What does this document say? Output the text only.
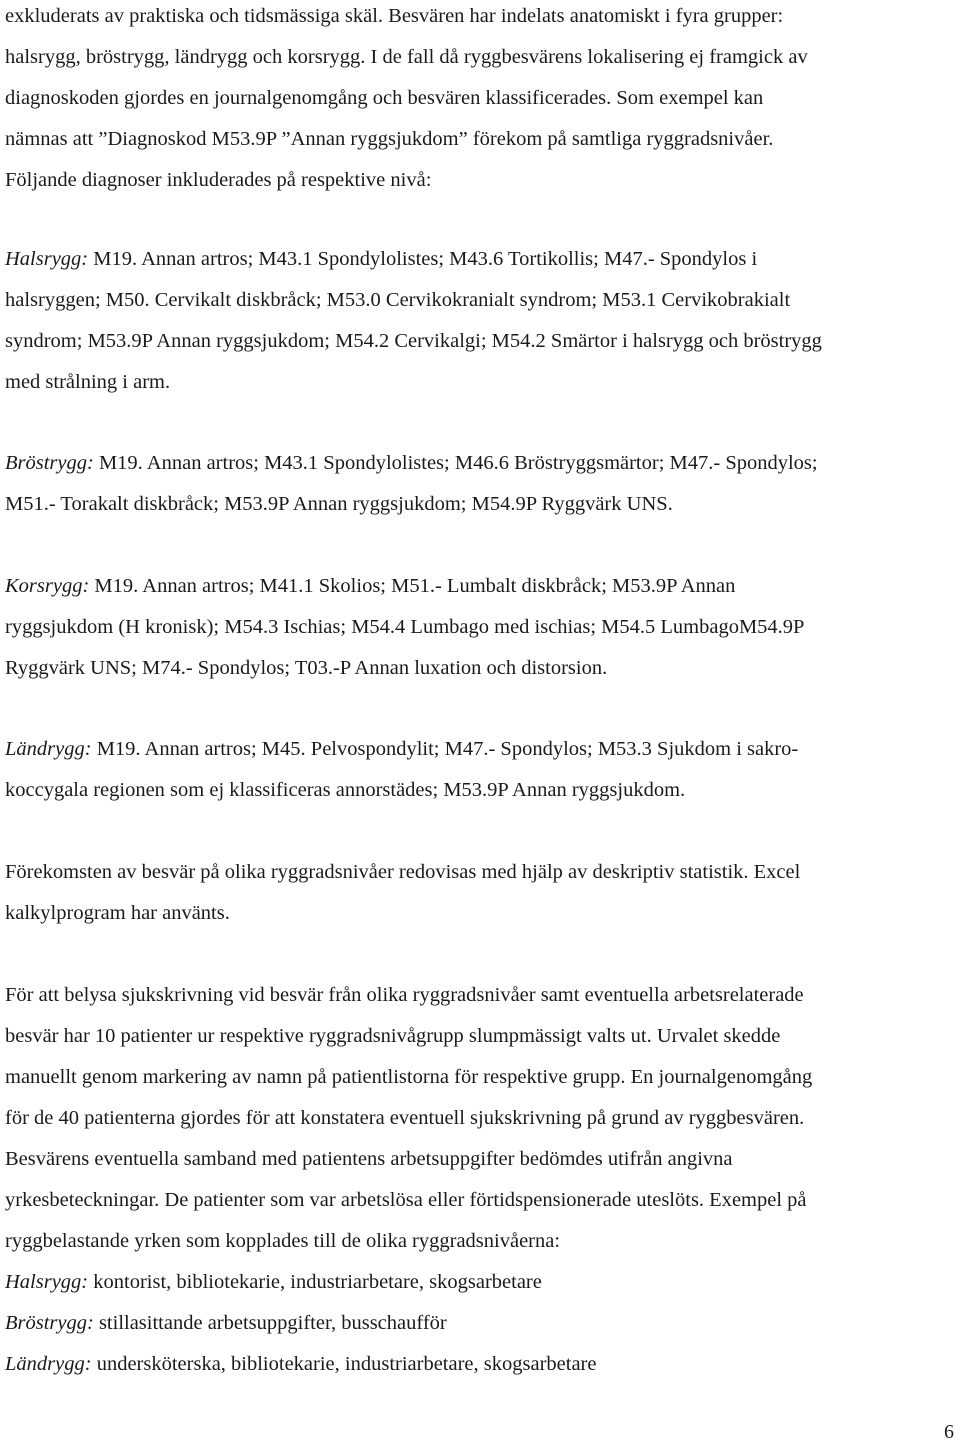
exkluderats av praktiska och tidsmässiga skäl. Besvären har indelats anatomiskt i fyra grupper:
halsrygg, bröstrygg, ländrygg och korsrygg. I de fall då ryggbesvärens lokalisering ej framgick av
diagnoskoden gjordes en journalgenomgång och besvären klassificerades. Som exempel kan
nämnas att ”Diagnoskod M53.9P ”Annan ryggsjukdom” förekom på samtliga ryggradsnivåer.
Följande diagnoser inkluderades på respektive nivå:
Halsrygg: M19. Annan artros; M43.1 Spondylolistes; M43.6 Tortikollis; M47.- Spondylos i
halsryggen; M50. Cervikalt diskbråck; M53.0 Cervikokranialt syndrom; M53.1 Cervikobrakialt
syndrom; M53.9P Annan ryggsjukdom; M54.2 Cervikalgi; M54.2 Smärtor i halsrygg och bröstrygg
med strålning i arm.
Bröstrygg: M19. Annan artros; M43.1 Spondylolistes; M46.6 Bröstryggsmärtor; M47.- Spondylos;
M51.- Torakalt diskbråck; M53.9P Annan ryggsjukdom; M54.9P Ryggvärk UNS.
Korsrygg: M19. Annan artros; M41.1 Skolios; M51.- Lumbalt diskbråck; M53.9P Annan
ryggsjukdom (H kronisk); M54.3 Ischias; M54.4 Lumbago med ischias; M54.5 LumbagoM54.9P
Ryggvärk UNS; M74.- Spondylos; T03.-P Annan luxation och distorsion.
Ländrygg: M19. Annan artros; M45. Pelvospondylit; M47.- Spondylos; M53.3 Sjukdom i sakro-
koccygala regionen som ej klassificeras annorstädes; M53.9P Annan ryggsjukdom.
Förekomsten av besvär på olika ryggradsnivåer redovisas med hjälp av deskriptiv statistik. Excel
kalkylprogram har använts.
För att belysa sjukskrivning vid besvär från olika ryggradsnivåer samt eventuella arbetsrelaterade
besvär har 10 patienter ur respektive ryggradsnivågrupp slumpmässigt valts ut. Urvalet skedde
manuellt genom markering av namn på patientlistorna för respektive grupp. En journalgenomgång
för de 40 patienterna gjordes för att konstatera eventuell sjukskrivning på grund av ryggbesvären.
Besvärens eventuella samband med patientens arbetsuppgifter bedömdes utifrån angivna
yrkesbeteckningar. De patienter som var arbetslösa eller förtidspensionerade uteslöts. Exempel på
ryggbelastande yrken som kopplades till de olika ryggradsnivåerna:
Halsrygg: kontorist, bibliotekarie, industriarbetare, skogsarbetare
Bröstrygg: stillasittande arbetsuppgifter, busschaufför
Ländrygg: undersköterska, bibliotekarie, industriarbetare, skogsarbetare
6
